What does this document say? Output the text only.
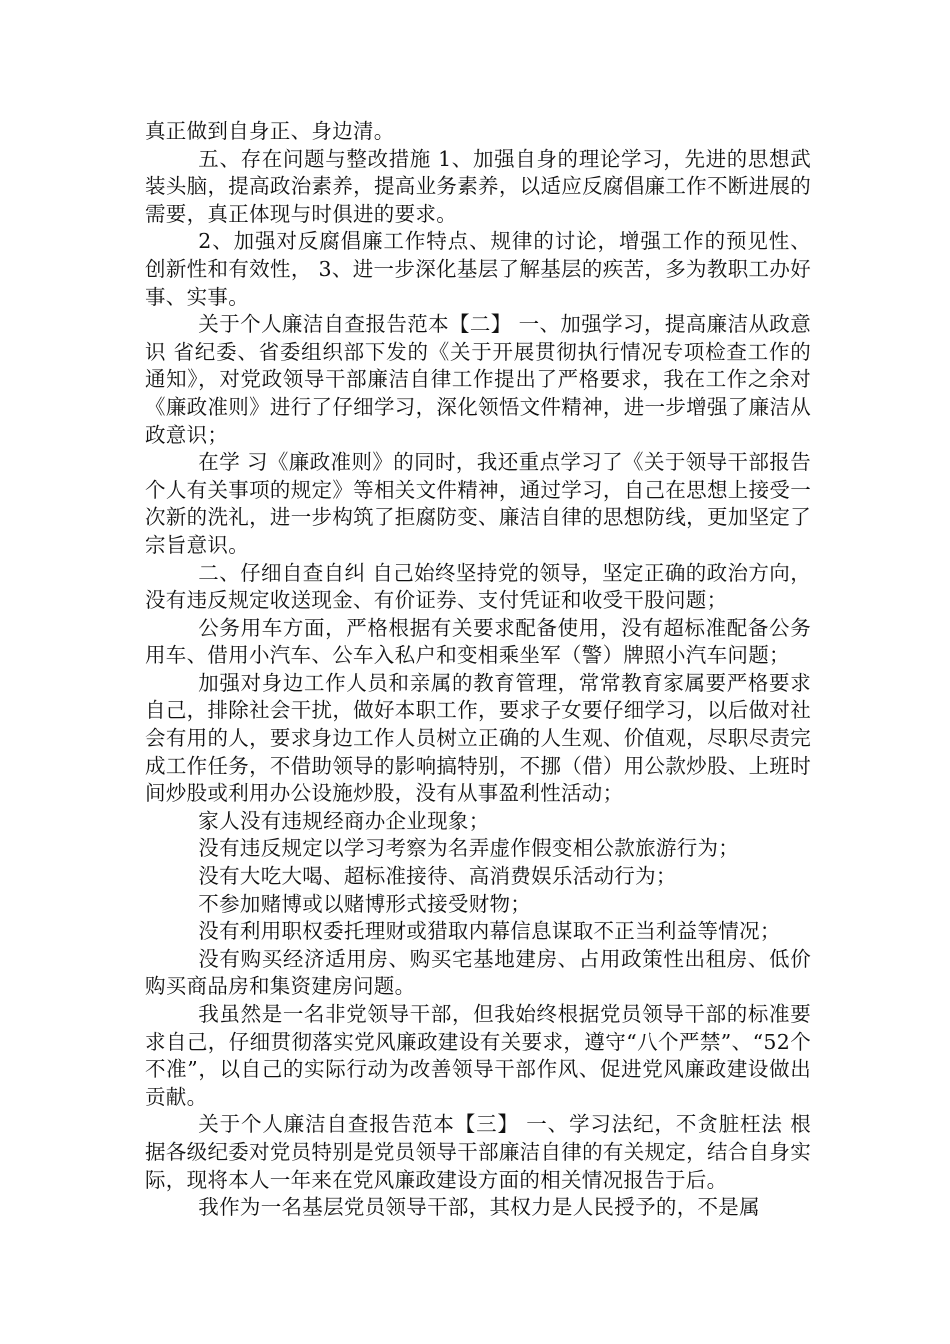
真正做到自身正、身边清。

五、存在问题与整改措施 1、加强自身的理论学习，先进的思想武装头脑，提高政治素养，提高业务素养，以适应反腐倡廉工作不断进展的需要，真正体现与时俱进的要求。

2、加强对反腐倡廉工作特点、规律的讨论，增强工作的预见性、创新性和有效性， 3、进一步深化基层了解基层的疾苦，多为教职工办好事、实事。

关于个人廉洁自查报告范本【二】 一、加强学习，提高廉洁从政意识 省纪委、省委组织部下发的《关于开展贯彻执行情况专项检查工作的通知》，对党政领导干部廉洁自律工作提出了严格要求，我在工作之余对《廉政准则》进行了仔细学习，深化领悟文件精神，进一步增强了廉洁从政意识；

在学 习《廉政准则》的同时，我还重点学习了《关于领导干部报告个人有关事项的规定》等相关文件精神，通过学习，自己在思想上接受一次新的洗礼，进一步构筑了拒腐防变、廉洁自律的思想防线，更加坚定了宗旨意识。

二、仔细自查自纠 自己始终坚持党的领导，坚定正确的政治方向，没有违反规定收送现金、有价证券、支付凭证和收受干股问题；

公务用车方面，严格根据有关要求配备使用，没有超标准配备公务用车、借用小汽车、公车入私户和变相乘坐军（警）牌照小汽车问题；

加强对身边工作人员和亲属的教育管理，常常教育家属要严格要求自己，排除社会干扰，做好本职工作，要求子女要仔细学习，以后做对社会有用的人，要求身边工作人员树立正确的人生观、价值观，尽职尽责完成工作任务，不借助领导的影响搞特别，不挪（借）用公款炒股、上班时间炒股或利用办公设施炒股，没有从事盈利性活动；

家人没有违规经商办企业现象；

没有违反规定以学习考察为名弄虚作假变相公款旅游行为；

没有大吃大喝、超标准接待、高消费娱乐活动行为；

不参加赌博或以赌博形式接受财物；

没有利用职权委托理财或猎取内幕信息谋取不正当利益等情况；

没有购买经济适用房、购买宅基地建房、占用政策性出租房、低价购买商品房和集资建房问题。

我虽然是一名非党领导干部，但我始终根据党员领导干部的标准要求自己，仔细贯彻落实党风廉政建设有关要求，遵守“八个严禁”、“52个不准”，以自己的实际行动为改善领导干部作风、促进党风廉政建设做出贡献。

关于个人廉洁自查报告范本【三】 一、学习法纪，不贪脏枉法 根据各级纪委对党员特别是党员领导干部廉洁自律的有关规定，结合自身实际，现将本人一年来在党风廉政建设方面的相关情况报告于后。

我作为一名基层党员领导干部，其权力是人民授予的，不是属
